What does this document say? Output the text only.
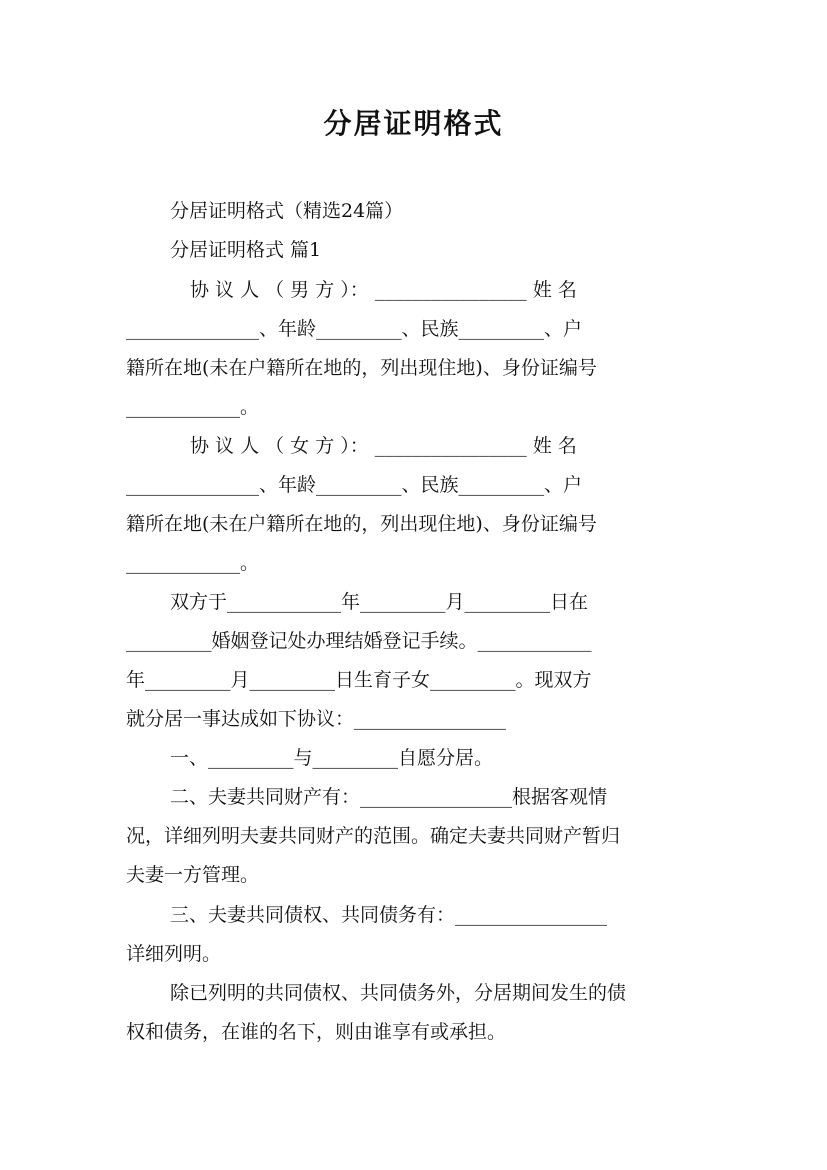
分居证明格式
分居证明格式（精选24篇）
分居证明格式 篇1
协 议 人 （ 男 方 ）： ________________ 姓 名
______________、年龄_________、民族_________、户
籍所在地(未在户籍所在地的，列出现住地)、身份证编号
____________。
协 议 人 （ 女 方 ）： ________________ 姓 名
______________、年龄_________、民族_________、户
籍所在地(未在户籍所在地的，列出现住地)、身份证编号
____________。
双方于____________年_________月_________日在
_________婚姻登记处办理结婚登记手续。____________
年_________月_________日生育子女_________。现双方
就分居一事达成如下协议：________________
一、_________与_________自愿分居。
二、夫妻共同财产有：________________根据客观情
况，详细列明夫妻共同财产的范围。确定夫妻共同财产暂归
夫妻一方管理。
三、夫妻共同债权、共同债务有：________________
详细列明。
除已列明的共同债权、共同债务外，分居期间发生的债
权和债务，在谁的名下，则由谁享有或承担。
